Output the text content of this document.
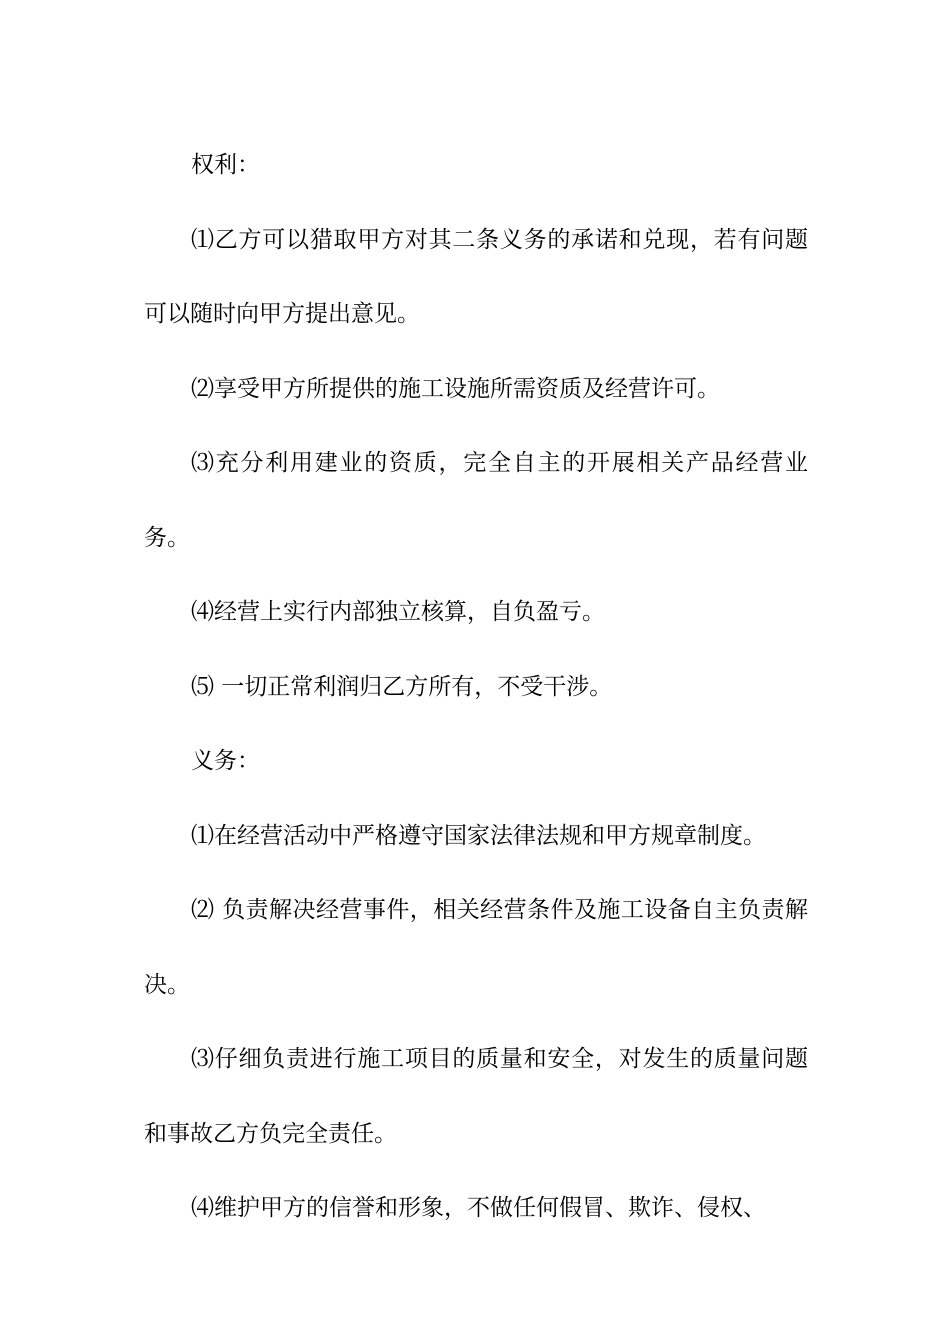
权利：

⑴乙方可以猎取甲方对其二条义务的承诺和兑现，若有问题可以随时向甲方提出意见。

⑵享受甲方所提供的施工设施所需资质及经营许可。

⑶充分利用建业的资质，完全自主的开展相关产品经营业务。

⑷经营上实行内部独立核算，自负盈亏。

⑸ 一切正常利润归乙方所有，不受干涉。

义务：

⑴在经营活动中严格遵守国家法律法规和甲方规章制度。

⑵ 负责解决经营事件，相关经营条件及施工设备自主负责解决。

⑶仔细负责进行施工项目的质量和安全，对发生的质量问题和事故乙方负完全责任。

⑷维护甲方的信誉和形象，不做任何假冒、欺诈、侵权、
